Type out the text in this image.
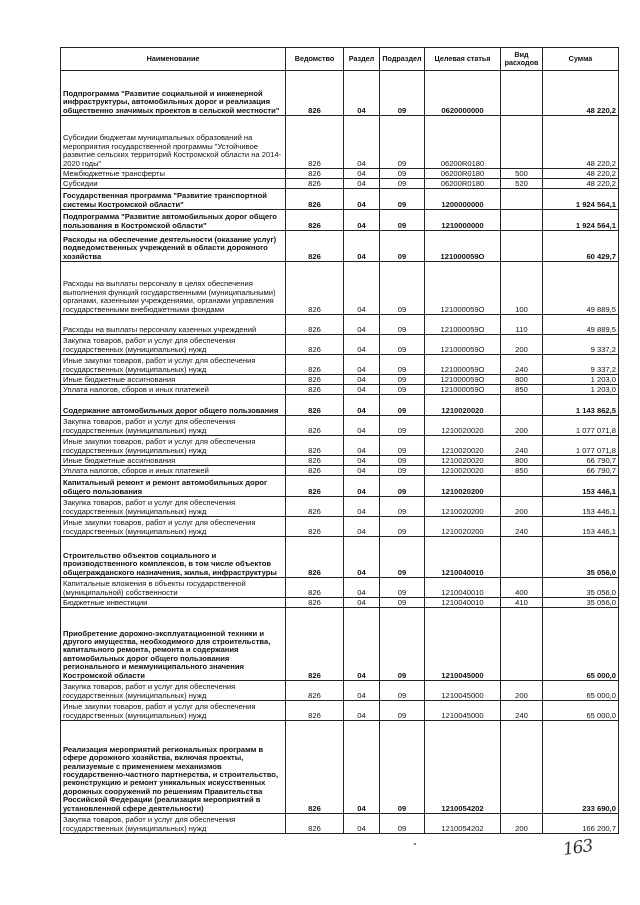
Наименование	Ведомство	Раздел	Подраздел	Целевая статья	Вид расходов	Сумма
Подпрограмма "Развитие социальной и инженерной инфраструктуры, автомобильных дорог и реализация общественно значимых проектов в сельской местности"	826	04	09	0620000000		48 220,2
Субсидии бюджетам муниципальных образований на мероприятия государственной программы "Устойчивое развитие сельских территорий Костромской области на 2014-2020 годы"	826	04	09	06200R0180		48 220,2
Межбюджетные трансферты	826	04	09	06200R0180	500	48 220,2
Субсидии	826	04	09	06200R0180	520	48 220,2
Государственная программа "Развитие транспортной системы Костромской области"	826	04	09	1200000000		1 924 564,1
Подпрограмма "Развитие автомобильных дорог общего пользования в Костромской области"	826	04	09	1210000000		1 924 564,1
Расходы на обеспечение деятельности (оказание услуг) подведомственных учреждений в области дорожного хозяйства	826	04	09	121000059О		60 429,7
Расходы на выплаты персоналу в целях обеспечения выполнения функций государственными (муниципальными) органами, казенными учреждениями, органами управления государственными внебюджетными фондами	826	04	09	121000059О	100	49 889,5
Расходы на выплаты персоналу казенных учреждений	826	04	09	121000059О	110	49 889,5
Закупка товаров, работ и услуг для обеспечения государственных (муниципальных) нужд	826	04	09	121000059О	200	9 337,2
Иные закупки товаров, работ и услуг для обеспечения государственных (муниципальных) нужд	826	04	09	121000059О	240	9 337,2
Иные бюджетные ассигнования	826	04	09	121000059О	800	1 203,0
Уплата налогов, сборов и иных платежей	826	04	09	121000059О	850	1 203,0
Содержание автомобильных дорог общего пользования	826	04	09	1210020020		1 143 862,5
Закупка товаров, работ и услуг для обеспечения государственных (муниципальных) нужд	826	04	09	1210020020	200	1 077 071,8
Иные закупки товаров, работ и услуг для обеспечения государственных (муниципальных) нужд	826	04	09	1210020020	240	1 077 071,8
Иные бюджетные ассигнования	826	04	09	1210020020	800	66 790,7
Уплата налогов, сборов и иных платежей	826	04	09	1210020020	850	66 790,7
Капитальный ремонт и ремонт автомобильных дорог общего пользования	826	04	09	1210020200		153 446,1
Закупка товаров, работ и услуг для обеспечения государственных (муниципальных) нужд	826	04	09	1210020200	200	153 446,1
Иные закупки товаров, работ и услуг для обеспечения государственных (муниципальных) нужд	826	04	09	1210020200	240	153 446,1
Строительство объектов социального и производственного комплексов, в том числе объектов общегражданского назначения, жилья, инфраструктуры	826	04	09	1210040010		35 056,0
Капитальные вложения в объекты государственной (муниципальной) собственности	826	04	09	1210040010	400	35 056,0
Бюджетные инвестиции	826	04	09	1210040010	410	35 056,0
Приобретение дорожно-эксплуатационной техники и другого имущества, необходимого для строительства, капитального ремонта, ремонта и содержания автомобильных дорог общего пользования регионального и межмуниципального значения Костромской области	826	04	09	1210045000		65 000,0
Закупка товаров, работ и услуг для обеспечения государственных (муниципальных) нужд	826	04	09	1210045000	200	65 000,0
Иные закупки товаров, работ и услуг для обеспечения государственных (муниципальных) нужд	826	04	09	1210045000	240	65 000,0
Реализация мероприятий региональных программ в сфере дорожного хозяйства, включая проекты, реализуемые с применением механизмов государственно-частного партнерства, и строительство, реконструкцию и ремонт уникальных искусственных дорожных сооружений по решениям Правительства Российской Федерации (реализация мероприятий в установленной сфере деятельности)	826	04	09	1210054202		233 690,0
Закупка товаров, работ и услуг для обеспечения государственных (муниципальных) нужд	826	04	09	1210054202	200	166 200,7
163
